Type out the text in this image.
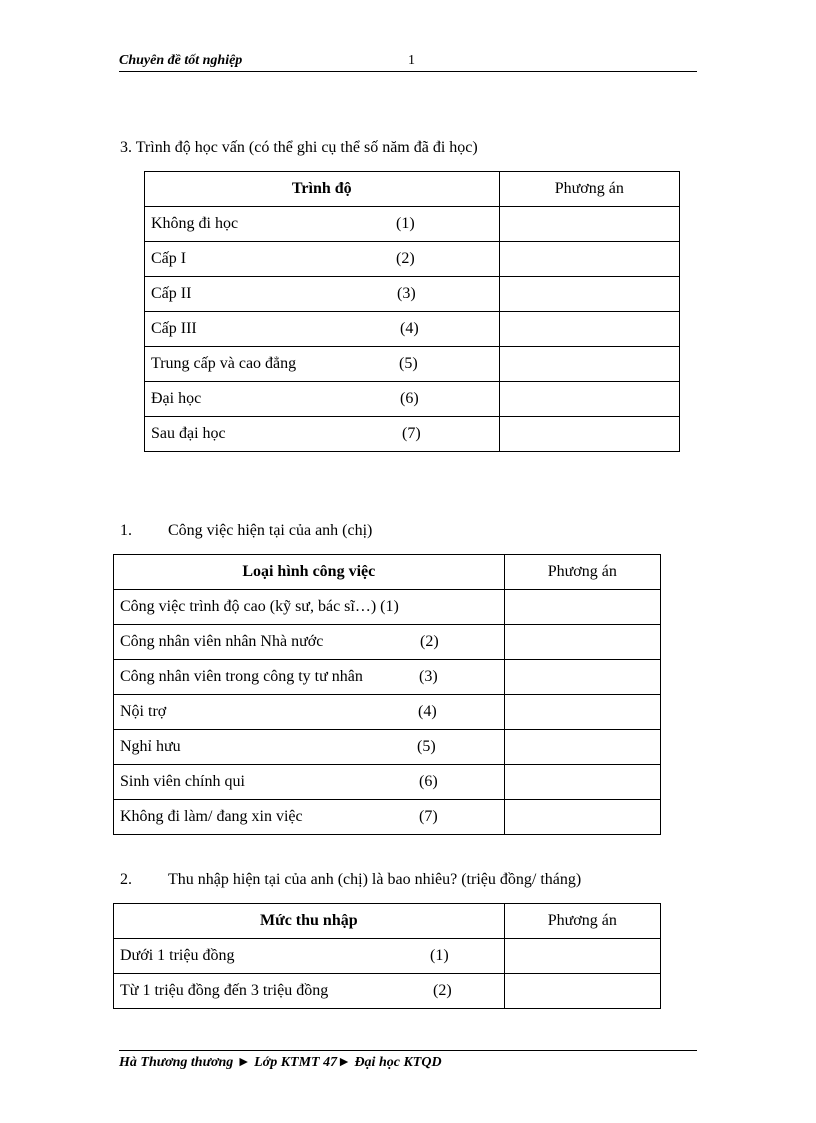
Chuyên đề tốt nghiệp	1
3. Trình độ học vấn (có thể ghi cụ thể số năm đã đi học)
Trình độ	Phương án
Không đi học (1)	
Cấp I (2)	
Cấp II (3)	
Cấp III (4)	
Trung cấp và cao đẳng (5)	
Đại học (6)	
Sau đại học (7)	
1. Công việc hiện tại của anh (chị)
Loại hình công việc	Phương án
Công việc trình độ cao (kỹ sư, bác sĩ…) (1)	
Công nhân viên nhân Nhà nước (2)	
Công nhân viên trong công ty tư nhân (3)	
Nội trợ (4)	
Nghỉ hưu (5)	
Sinh viên chính qui (6)	
Không đi làm/ đang xin việc (7)	
2. Thu nhập hiện tại của anh (chị) là bao nhiêu? (triệu đồng/ tháng)
Mức thu nhập	Phương án
Dưới 1 triệu đồng (1)	
Từ 1 triệu đồng đến 3 triệu đồng (2)	
Hà Thương thương ► Lớp KTMT 47► Đại học KTQD
